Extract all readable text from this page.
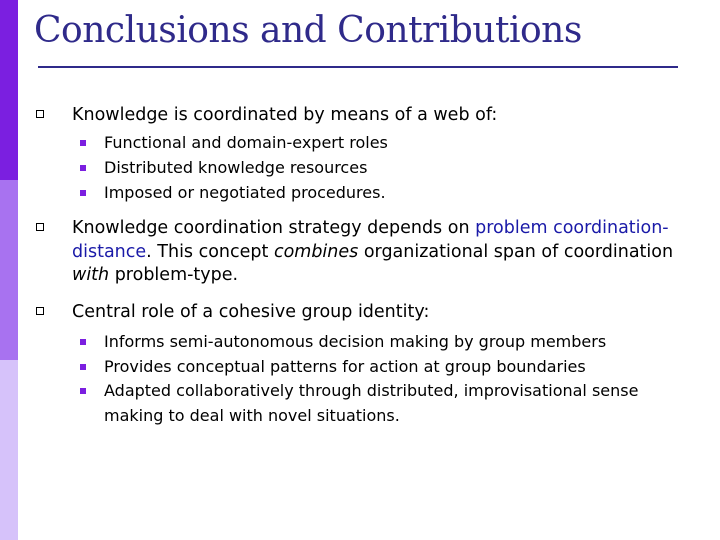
Conclusions and Contributions
Knowledge is coordinated by means of a web of:
Functional and domain-expert roles
Distributed knowledge resources
Imposed or negotiated procedures.
Knowledge coordination strategy depends on problem coordination-distance. This concept combines organizational span of coordination with problem-type.
Central role of a cohesive group identity:
Informs semi-autonomous decision making by group members
Provides conceptual patterns for action at group boundaries
Adapted collaboratively through distributed, improvisational sense making to deal with novel situations.
